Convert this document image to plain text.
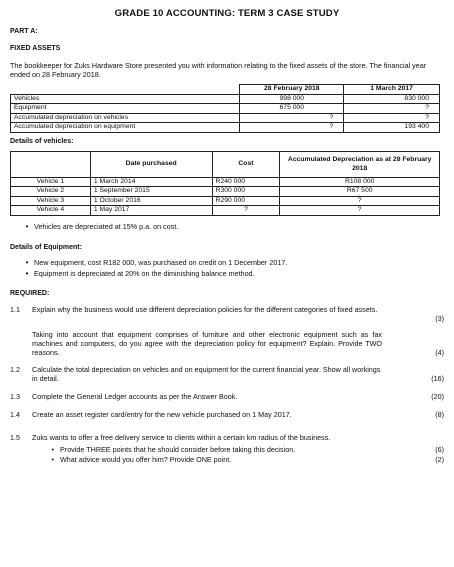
GRADE 10 ACCOUNTING: TERM 3 CASE STUDY
PART A:
FIXED ASSETS
The bookkeeper for Zuks Hardware Store presented you with information relating to the fixed assets of the store. The financial year ended on 28 February 2018.
	28 February 2018	1 March 2017
Vehicles	998 000	830 000
Equipment	675 000	?
Accumulated depreciation on vehicles	?	?
Accumulated depreciation on equipment	?	193 400
Details of vehicles:
	Date purchased	Cost	Accumulated Depreciation as at 28 February 2018
Vehicle 1	1 March 2014	R240 000	R108 000
Vehicle 2	1 September 2015	R300 000	R67 500
Vehicle 3	1 October 2016	R290 000	?
Vehicle 4	1 May 2017	?	?
• Vehicles are depreciated at 15% p.a. on cost.
Details of Equipment:
• New equipment, cost R182 000, was purchased on credit on 1 December 2017.
• Equipment is depreciated at 20% on the diminishing balance method.
REQUIRED:
1.1	Explain why the business would use different depreciation policies for the different categories of fixed assets.
(3)
Taking into account that equipment comprises of furniture and other electronic equipment such as fax machines and computers, do you agree with the depreciation policy for equipment? Explain. Provide TWO reasons.	(4)
1.2	Calculate the total depreciation on vehicles and on equipment for the current financial year. Show all workings in detail.	(16)
1.3	Complete the General Ledger accounts as per the Answer Book.	(20)
1.4	Create an asset register card/entry for the new vehicle purchased on 1 May 2017.	(8)
1.5	Zuks wants to offer a free delivery service to clients within a certain km radius of the business.
• Provide THREE points that he should consider before taking this decision.	(6)
• What advice would you offer him? Provide ONE point.	(2)
